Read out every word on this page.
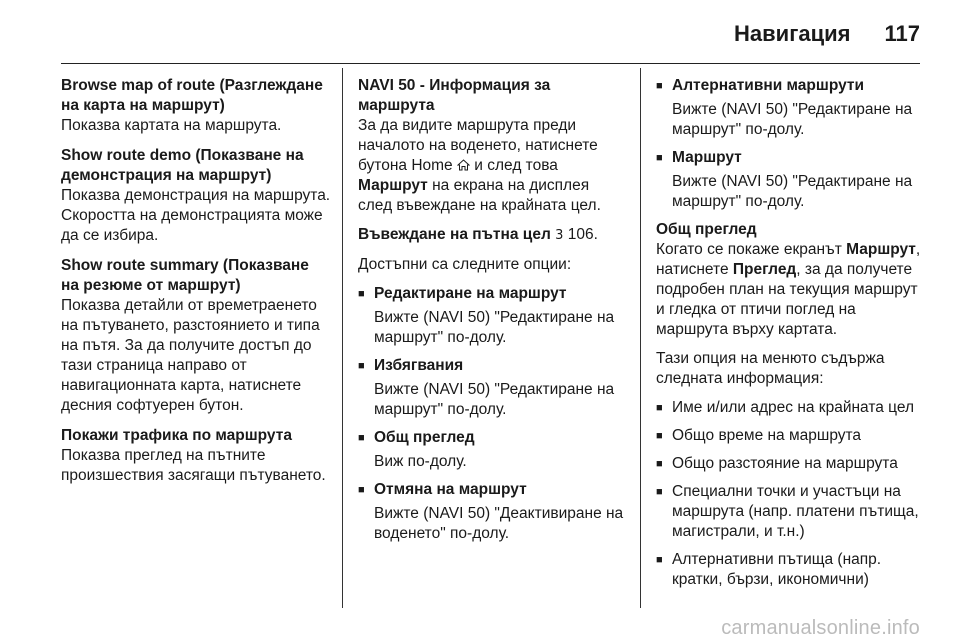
Навигация 117

Browse map of route (Разглеждане на карта на маршрут)

Показва картата на маршрута.

Show route demo (Показване на демонстрация на маршрут)

Показва демонстрация на маршрута. Скоростта на демонстрацията може да се избира.

Show route summary (Показване на резюме от маршрут)

Показва детайли от времетраенето на пътуването, разстоянието и типа на пътя. За да получите достъп до тази страница направо от навигационната карта, натиснете десния софтуерен бутон.

Покажи трафика по маршрута

Показва преглед на пътните произшествия засягащи пътуването.

NAVI 50 - Информация за маршрута

За да видите маршрута преди началото на воденето, натиснете бутона Home и след това Маршрут на екрана на дисплея след въвеждане на крайната цел.

Въвеждане на пътна цел 3 106.

Достъпни са следните опции:

■ Редактиране на маршрут
Вижте (NAVI 50) "Редактиране на маршрут" по-долу.
■ Избягвания
Вижте (NAVI 50) "Редактиране на маршрут" по-долу.
■ Общ преглед
Виж по-долу.
■ Отмяна на маршрут
Вижте (NAVI 50) "Деактивиране на воденето" по-долу.
■ Алтернативни маршрути
Вижте (NAVI 50) "Редактиране на маршрут" по-долу.
■ Маршрут
Вижте (NAVI 50) "Редактиране на маршрут" по-долу.

Общ преглед

Когато се покаже екранът Маршрут, натиснете Преглед, за да получете подробен план на текущия маршрут и гледка от птичи поглед на маршрута върху картата.

Тази опция на менюто съдържа следната информация:

■ Име и/или адрес на крайната цел
■ Общо време на маршрута
■ Общо разстояние на маршрута
■ Специални точки и участъци на маршрута (напр. платени пътища, магистрали, и т.н.)
■ Алтернативни пътища (напр. кратки, бързи, икономични)
carmanualsonline.info
